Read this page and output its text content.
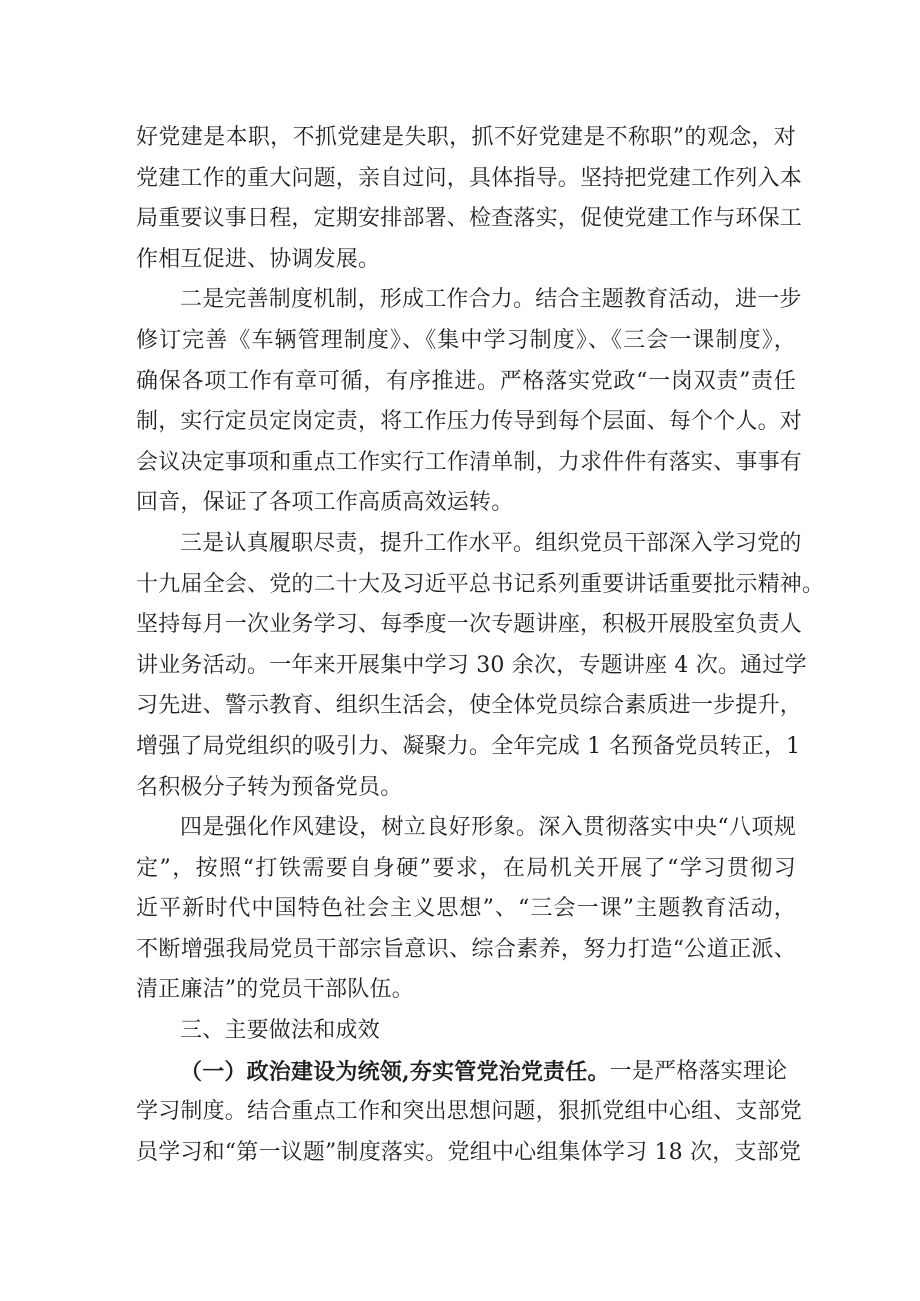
好党建是本职，不抓党建是失职，抓不好党建是不称职”的观念，对
党建工作的重大问题，亲自过问，具体指导。坚持把党建工作列入本
局重要议事日程，定期安排部署、检查落实，促使党建工作与环保工
作相互促进、协调发展。
二是完善制度机制，形成工作合力。结合主题教育活动，进一步
修订完善《车辆管理制度》、《集中学习制度》、《三会一课制度》，
确保各项工作有章可循，有序推进。严格落实党政“一岗双责”责任
制，实行定员定岗定责，将工作压力传导到每个层面、每个个人。对
会议决定事项和重点工作实行工作清单制，力求件件有落实、事事有
回音，保证了各项工作高质高效运转。
三是认真履职尽责，提升工作水平。组织党员干部深入学习党的
十九届全会、党的二十大及习近平总书记系列重要讲话重要批示精神。
坚持每月一次业务学习、每季度一次专题讲座，积极开展股室负责人
讲业务活动。一年来开展集中学习 30 余次，专题讲座 4 次。通过学
习先进、警示教育、组织生活会，使全体党员综合素质进一步提升，
增强了局党组织的吸引力、凝聚力。全年完成 1 名预备党员转正，1
名积极分子转为预备党员。
四是强化作风建设，树立良好形象。深入贯彻落实中央“八项规
定”，按照“打铁需要自身硬”要求，在局机关开展了“学习贯彻习
近平新时代中国特色社会主义思想”、“三会一课”主题教育活动，
不断增强我局党员干部宗旨意识、综合素养，努力打造“公道正派、
清正廉洁”的党员干部队伍。
三、主要做法和成效
（一）政治建设为统领,夯实管党治党责任。 一是严格落实理论
学习制度。结合重点工作和突出思想问题，狠抓党组中心组、支部党
员学习和“第一议题”制度落实。党组中心组集体学习 18 次，支部党
